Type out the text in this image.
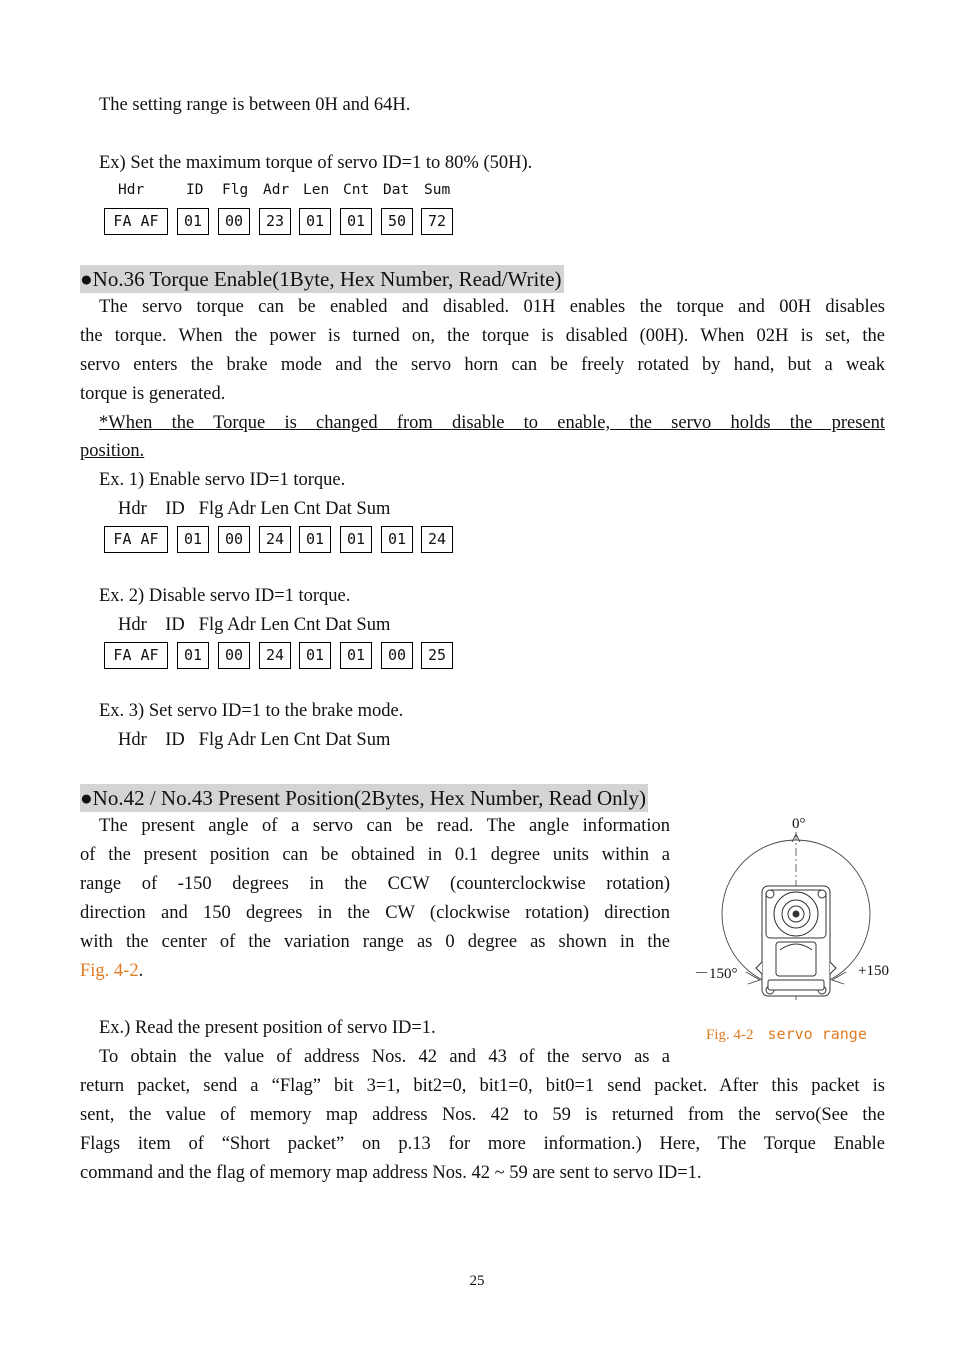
The setting range is between 0H and 64H.
Ex) Set the maximum torque of servo ID=1 to 80% (50H).
Hdr	ID Flg Adr Len Cnt Dat Sum
FA AF	01	00	23	01	01	50	72
●No.36 Torque Enable(1Byte, Hex Number, Read/Write)
The servo torque can be enabled and disabled. 01H enables the torque and 00H disables
the torque. When the power is turned on, the torque is disabled (00H). When 02H is set, the
servo enters the brake mode and the servo horn can be freely rotated by hand, but a weak
torque is generated.
*When the Torque is changed from disable to enable, the servo holds the present
position.
Ex. 1) Enable servo ID=1 torque.
Hdr    ID   Flg Adr Len Cnt Dat Sum
FA AF	01	00	24	01	01	01	24
Ex. 2) Disable servo ID=1 torque.
Hdr    ID   Flg Adr Len Cnt Dat Sum
FA AF	01	00	24	01	01	00	25
Ex. 3) Set servo ID=1 to the brake mode.
Hdr    ID   Flg Adr Len Cnt Dat Sum
●No.42 / No.43 Present Position(2Bytes, Hex Number, Read Only)
The present angle of a servo can be read. The angle information
of the present position can be obtained in 0.1 degree units within a
range of -150 degrees in the CCW (counterclockwise rotation)
direction and 150 degrees in the CW (clockwise rotation) direction
with the center of the variation range as 0 degree as shown in the
Fig. 4-2.
Ex.) Read the present position of servo ID=1.
To obtain the value of address Nos. 42 and 43 of the servo as a
return packet, send a “Flag” bit 3=1, bit2=0, bit1=0, bit0=1 send packet. After this packet is
sent, the value of memory map address Nos. 42 to 59 is returned from the servo(See the
Flags item of “Short packet” on p.13 for more information.) Here, The Torque Enable
command and the flag of memory map address Nos. 42 ~ 59 are sent to servo ID=1.
0°
－150°	+150
Fig. 4-2 servo range
25
